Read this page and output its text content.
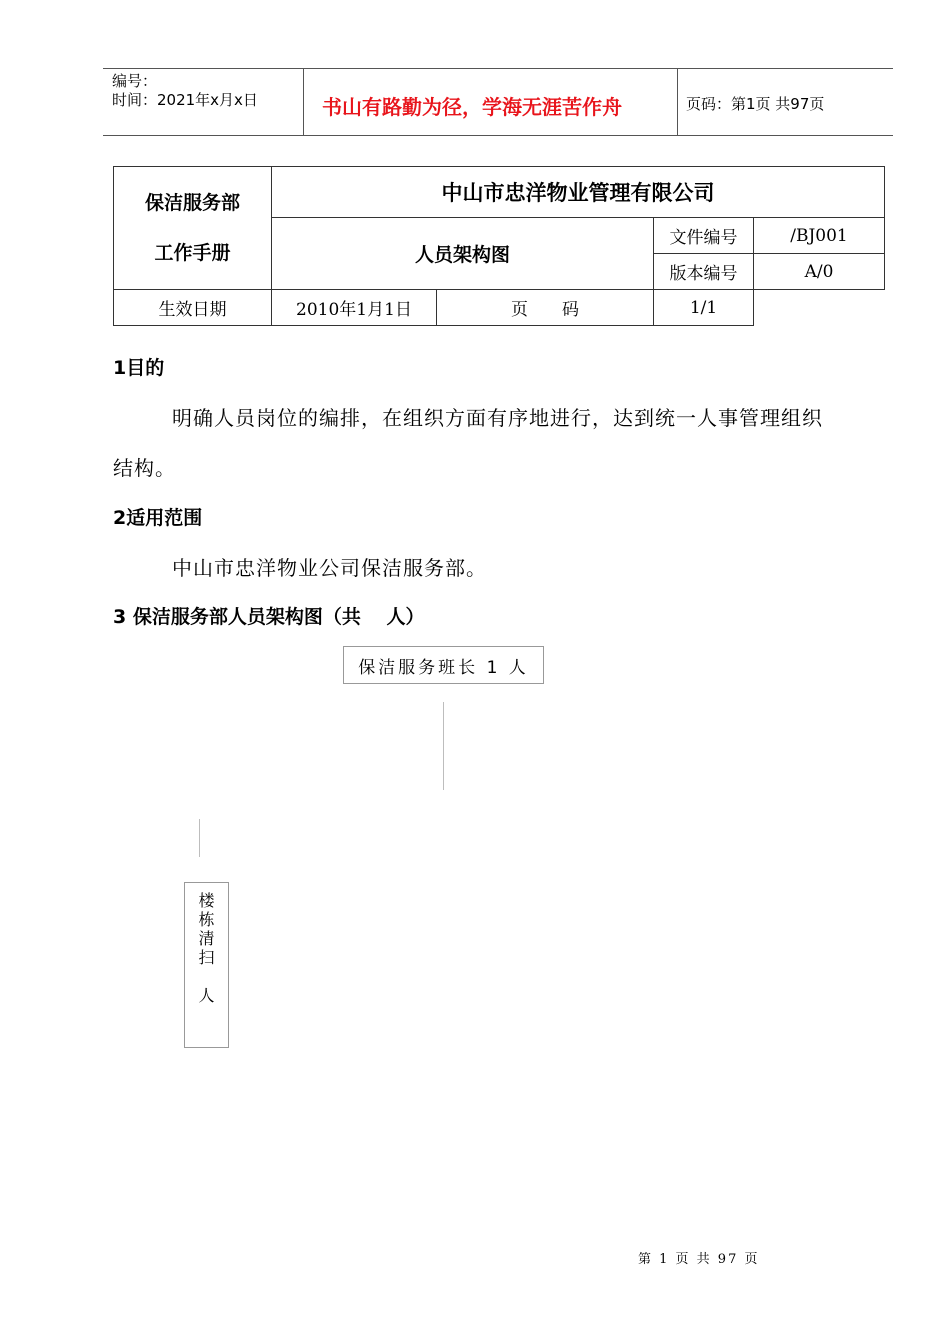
编号：
时间：2021年x月x日	书山有路勤为径，学海无涯苦作舟	页码：第1页 共97页
保洁服务部
工作手册	中山市忠洋物业管理有限公司			
	人员架构图		文件编号	/BJ001
			版本编号	A/0
生效日期	2010年1月1日	页　　码	1/1	
1目的
明确人员岗位的编排，在组织方面有序地进行，达到统一人事管理组织
结构。
2适用范围
中山市忠洋物业公司保洁服务部。
3 保洁服务部人员架构图（共　 人）
保洁服务班长 1 人
楼
栋
清
扫
人
第 1 页 共 97 页
